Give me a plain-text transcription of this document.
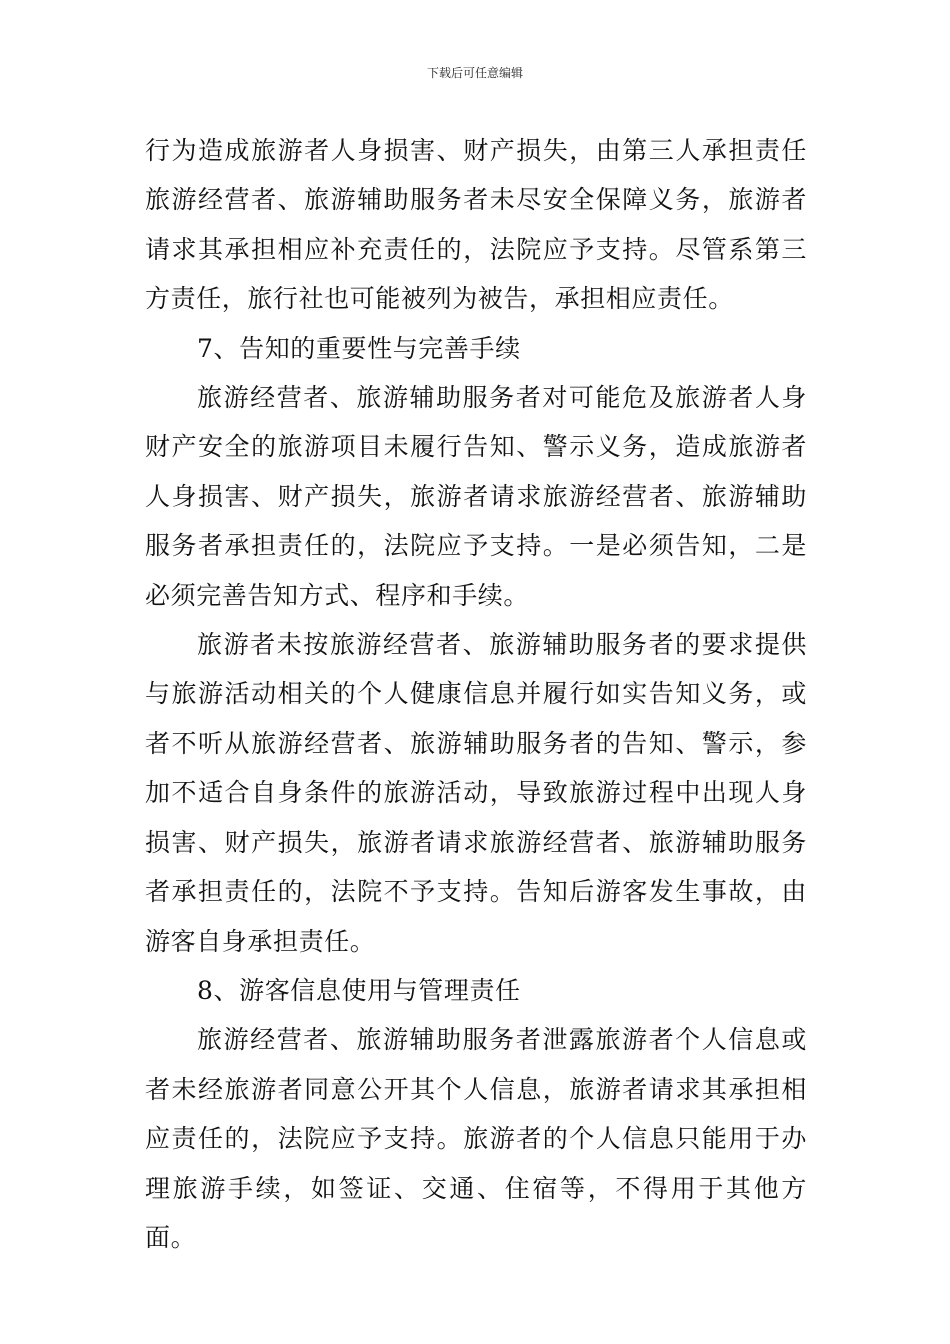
下载后可任意编辑

行为造成旅游者人身损害、财产损失，由第三人承担责任旅游经营者、旅游辅助服务者未尽安全保障义务，旅游者请求其承担相应补充责任的，法院应予支持。尽管系第三方责任，旅行社也可能被列为被告，承担相应责任。

7、告知的重要性与完善手续

旅游经营者、旅游辅助服务者对可能危及旅游者人身财产安全的旅游项目未履行告知、警示义务，造成旅游者人身损害、财产损失，旅游者请求旅游经营者、旅游辅助服务者承担责任的，法院应予支持。一是必须告知，二是必须完善告知方式、程序和手续。

旅游者未按旅游经营者、旅游辅助服务者的要求提供与旅游活动相关的个人健康信息并履行如实告知义务，或者不听从旅游经营者、旅游辅助服务者的告知、警示，参加不适合自身条件的旅游活动，导致旅游过程中出现人身损害、财产损失，旅游者请求旅游经营者、旅游辅助服务者承担责任的，法院不予支持。告知后游客发生事故，由游客自身承担责任。

8、游客信息使用与管理责任

旅游经营者、旅游辅助服务者泄露旅游者个人信息或者未经旅游者同意公开其个人信息，旅游者请求其承担相应责任的，法院应予支持。旅游者的个人信息只能用于办理旅游手续，如签证、交通、住宿等，不得用于其他方面。
